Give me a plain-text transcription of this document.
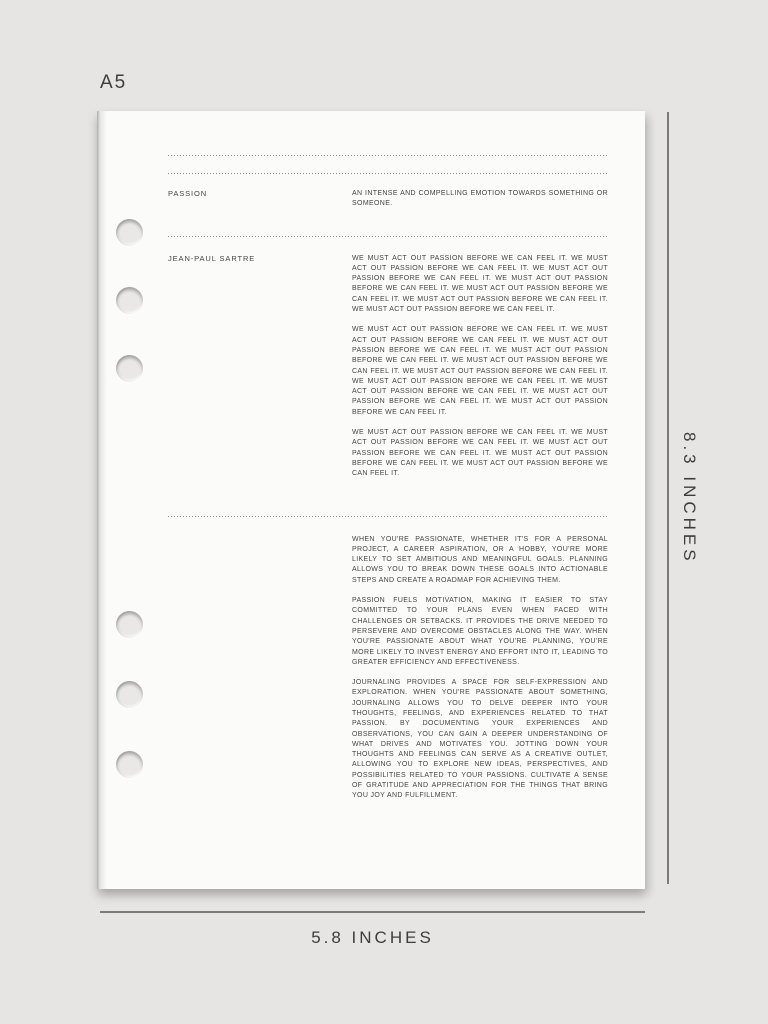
A5
PASSION	AN INTENSE AND COMPELLING EMOTION TOWARDS SOMETHING OR SOMEONE.
JEAN-PAUL SARTRE	WE MUST ACT OUT PASSION BEFORE WE CAN FEEL IT. WE MUST ACT OUT PASSION BEFORE WE CAN FEEL IT. WE MUST ACT OUT PASSION BEFORE WE CAN FEEL IT. WE MUST ACT OUT PASSION BEFORE WE CAN FEEL IT. WE MUST ACT OUT PASSION BEFORE WE CAN FEEL IT. WE MUST ACT OUT PASSION BEFORE WE CAN FEEL IT. WE MUST ACT OUT PASSION BEFORE WE CAN FEEL IT.

WE MUST ACT OUT PASSION BEFORE WE CAN FEEL IT. WE MUST ACT OUT PASSION BEFORE WE CAN FEEL IT. WE MUST ACT OUT PASSION BEFORE WE CAN FEEL IT. WE MUST ACT OUT PASSION BEFORE WE CAN FEEL IT. WE MUST ACT OUT PASSION BEFORE WE CAN FEEL IT. WE MUST ACT OUT PASSION BEFORE WE CAN FEEL IT. WE MUST ACT OUT PASSION BEFORE WE CAN FEEL IT. WE MUST ACT OUT PASSION BEFORE WE CAN FEEL IT. WE MUST ACT OUT PASSION BEFORE WE CAN FEEL IT. WE MUST ACT OUT PASSION BEFORE WE CAN FEEL IT.

WE MUST ACT OUT PASSION BEFORE WE CAN FEEL IT. WE MUST ACT OUT PASSION BEFORE WE CAN FEEL IT. WE MUST ACT OUT PASSION BEFORE WE CAN FEEL IT. WE MUST ACT OUT PASSION BEFORE WE CAN FEEL IT. WE MUST ACT OUT PASSION BEFORE WE CAN FEEL IT.

WHEN YOU'RE PASSIONATE, WHETHER IT'S FOR A PERSONAL PROJECT, A CAREER ASPIRATION, OR A HOBBY, YOU'RE MORE LIKELY TO SET AMBITIOUS AND MEANINGFUL GOALS. PLANNING ALLOWS YOU TO BREAK DOWN THESE GOALS INTO ACTIONABLE STEPS AND CREATE A ROADMAP FOR ACHIEVING THEM.

PASSION FUELS MOTIVATION, MAKING IT EASIER TO STAY COMMITTED TO YOUR PLANS EVEN WHEN FACED WITH CHALLENGES OR SETBACKS. IT PROVIDES THE DRIVE NEEDED TO PERSEVERE AND OVERCOME OBSTACLES ALONG THE WAY. WHEN YOU'RE PASSIONATE ABOUT WHAT YOU'RE PLANNING, YOU'RE MORE LIKELY TO INVEST ENERGY AND EFFORT INTO IT, LEADING TO GREATER EFFICIENCY AND EFFECTIVENESS.

JOURNALING PROVIDES A SPACE FOR SELF-EXPRESSION AND EXPLORATION. WHEN YOU'RE PASSIONATE ABOUT SOMETHING, JOURNALING ALLOWS YOU TO DELVE DEEPER INTO YOUR THOUGHTS, FEELINGS, AND EXPERIENCES RELATED TO THAT PASSION. BY DOCUMENTING YOUR EXPERIENCES AND OBSERVATIONS, YOU CAN GAIN A DEEPER UNDERSTANDING OF WHAT DRIVES AND MOTIVATES YOU. JOTTING DOWN YOUR THOUGHTS AND FEELINGS CAN SERVE AS A CREATIVE OUTLET, ALLOWING YOU TO EXPLORE NEW IDEAS, PERSPECTIVES, AND POSSIBILITIES RELATED TO YOUR PASSIONS. CULTIVATE A SENSE OF GRATITUDE AND APPRECIATION FOR THE THINGS THAT BRING YOU JOY AND FULFILLMENT.

8.3 INCHES
5.8 INCHES
